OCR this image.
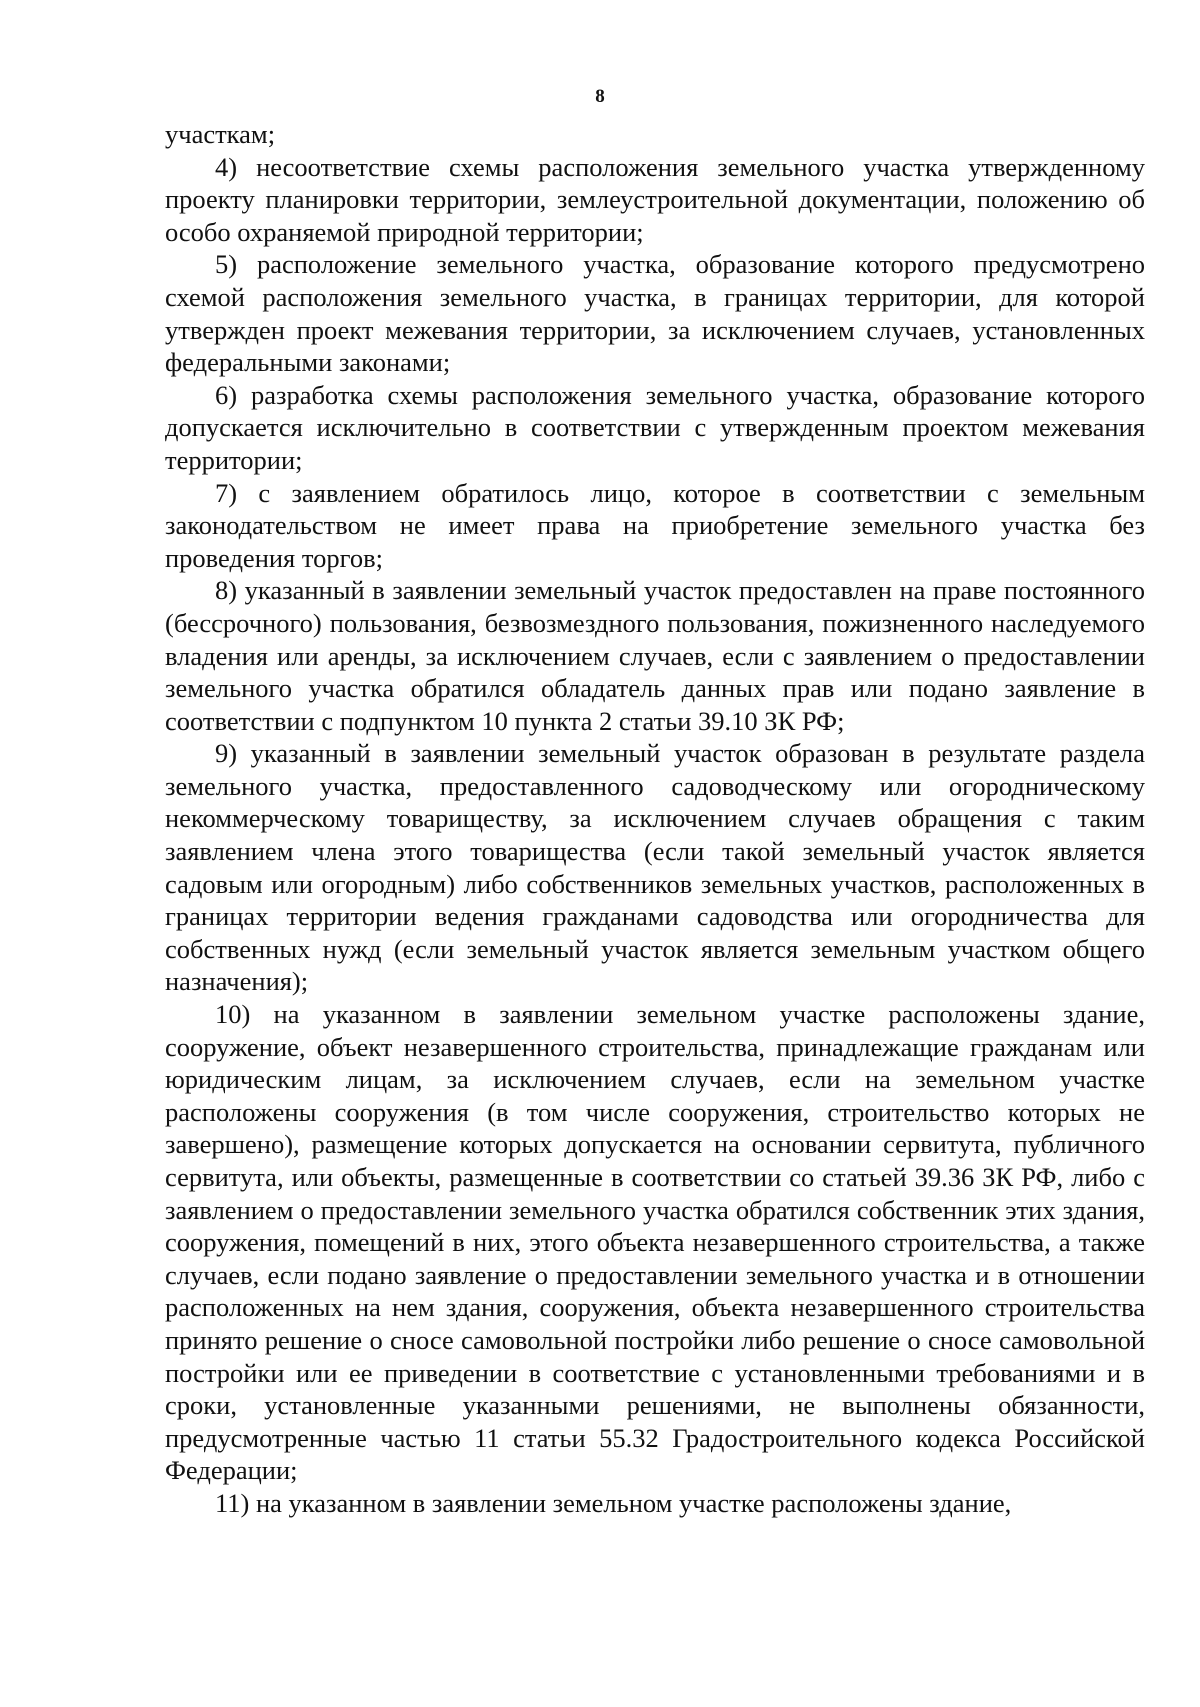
8

участкам;

4) несоответствие схемы расположения земельного участка утвержденному проекту планировки территории, землеустроительной документации, положению об особо охраняемой природной территории;

5) расположение земельного участка, образование которого предусмотрено схемой расположения земельного участка, в границах территории, для которой утвержден проект межевания территории, за исключением случаев, установленных федеральными законами;

6) разработка схемы расположения земельного участка, образование которого допускается исключительно в соответствии с утвержденным проектом межевания территории;

7) с заявлением обратилось лицо, которое в соответствии с земельным законодательством не имеет права на приобретение земельного участка без проведения торгов;

8) указанный в заявлении земельный участок предоставлен на праве постоянного (бессрочного) пользования, безвозмездного пользования, пожизненного наследуемого владения или аренды, за исключением случаев, если с заявлением о предоставлении земельного участка обратился обладатель данных прав или подано заявление в соответствии с подпунктом 10 пункта 2 статьи 39.10 ЗК РФ;

9) указанный в заявлении земельный участок образован в результате раздела земельного участка, предоставленного садоводческому или огородническому некоммерческому товариществу, за исключением случаев обращения с таким заявлением члена этого товарищества (если такой земельный участок является садовым или огородным) либо собственников земельных участков, расположенных в границах территории ведения гражданами садоводства или огородничества для собственных нужд (если земельный участок является земельным участком общего назначения);

10) на указанном в заявлении земельном участке расположены здание, сооружение, объект незавершенного строительства, принадлежащие гражданам или юридическим лицам, за исключением случаев, если на земельном участке расположены сооружения (в том числе сооружения, строительство которых не завершено), размещение которых допускается на основании сервитута, публичного сервитута, или объекты, размещенные в соответствии со статьей 39.36 ЗК РФ, либо с заявлением о предоставлении земельного участка обратился собственник этих здания, сооружения, помещений в них, этого объекта незавершенного строительства, а также случаев, если подано заявление о предоставлении земельного участка и в отношении расположенных на нем здания, сооружения, объекта незавершенного строительства принято решение о сносе самовольной постройки либо решение о сносе самовольной постройки или ее приведении в соответствие с установленными требованиями и в сроки, установленные указанными решениями, не выполнены обязанности, предусмотренные частью 11 статьи 55.32 Градостроительного кодекса Российской Федерации;

11) на указанном в заявлении земельном участке расположены здание,
